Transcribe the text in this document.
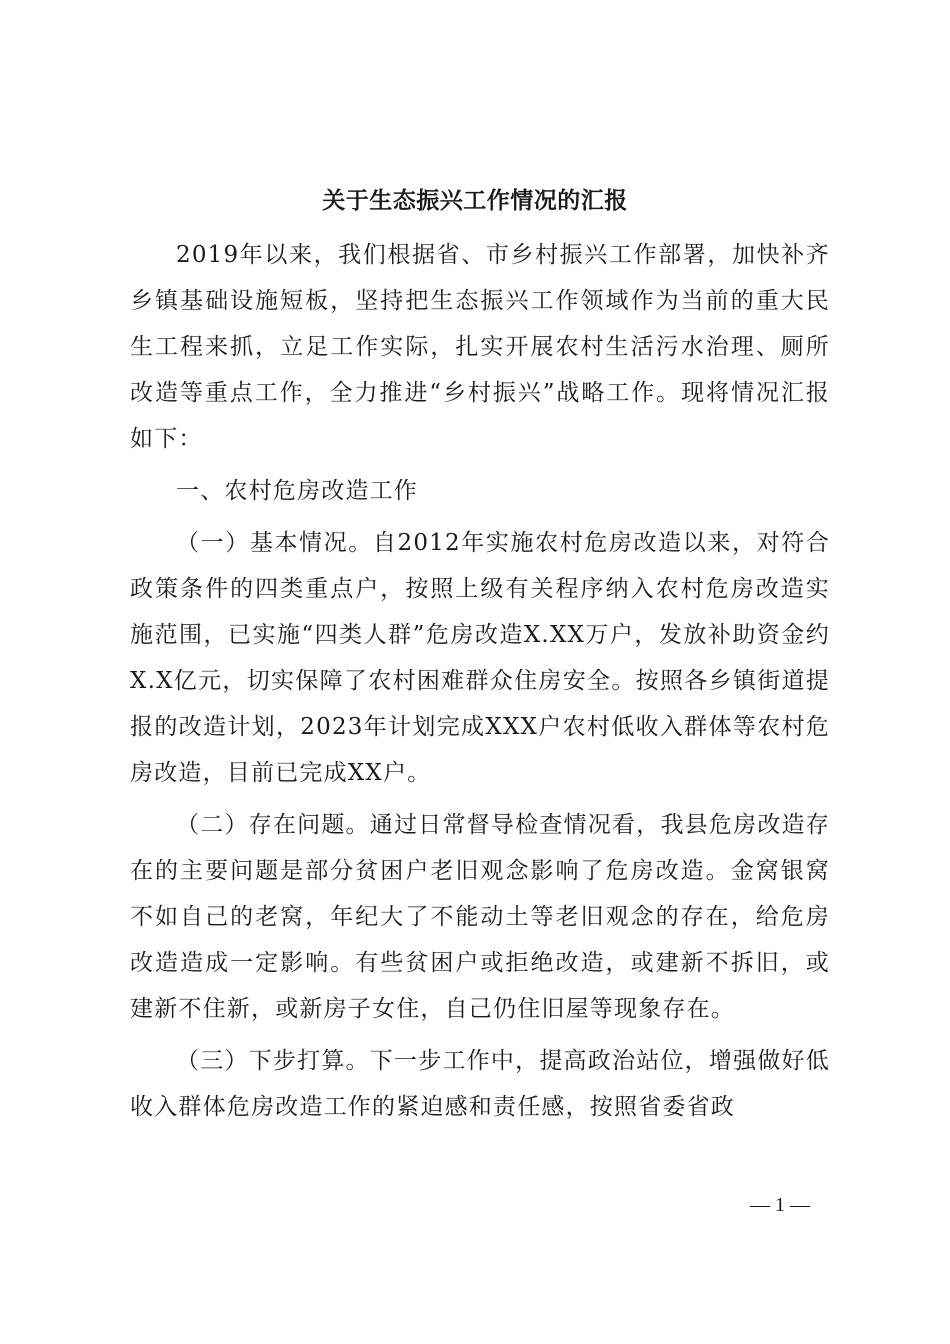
关于生态振兴工作情况的汇报

2019年以来，我们根据省、市乡村振兴工作部署，加快补齐乡镇基础设施短板，坚持把生态振兴工作领域作为当前的重大民生工程来抓，立足工作实际，扎实开展农村生活污水治理、厕所改造等重点工作，全力推进“乡村振兴”战略工作。现将情况汇报如下：

一、农村危房改造工作

（一）基本情况。自2012年实施农村危房改造以来，对符合政策条件的四类重点户，按照上级有关程序纳入农村危房改造实施范围，已实施“四类人群”危房改造X.XX万户，发放补助资金约X.X亿元，切实保障了农村困难群众住房安全。按照各乡镇街道提报的改造计划，2023年计划完成XXX户农村低收入群体等农村危房改造，目前已完成XX户。

（二）存在问题。通过日常督导检查情况看，我县危房改造存在的主要问题是部分贫困户老旧观念影响了危房改造。金窝银窝不如自己的老窝，年纪大了不能动土等老旧观念的存在，给危房改造造成一定影响。有些贫困户或拒绝改造，或建新不拆旧，或建新不住新，或新房子女住，自己仍住旧屋等现象存在。

（三）下步打算。下一步工作中，提高政治站位，增强做好低收入群体危房改造工作的紧迫感和责任感，按照省委省政

— 1 —
